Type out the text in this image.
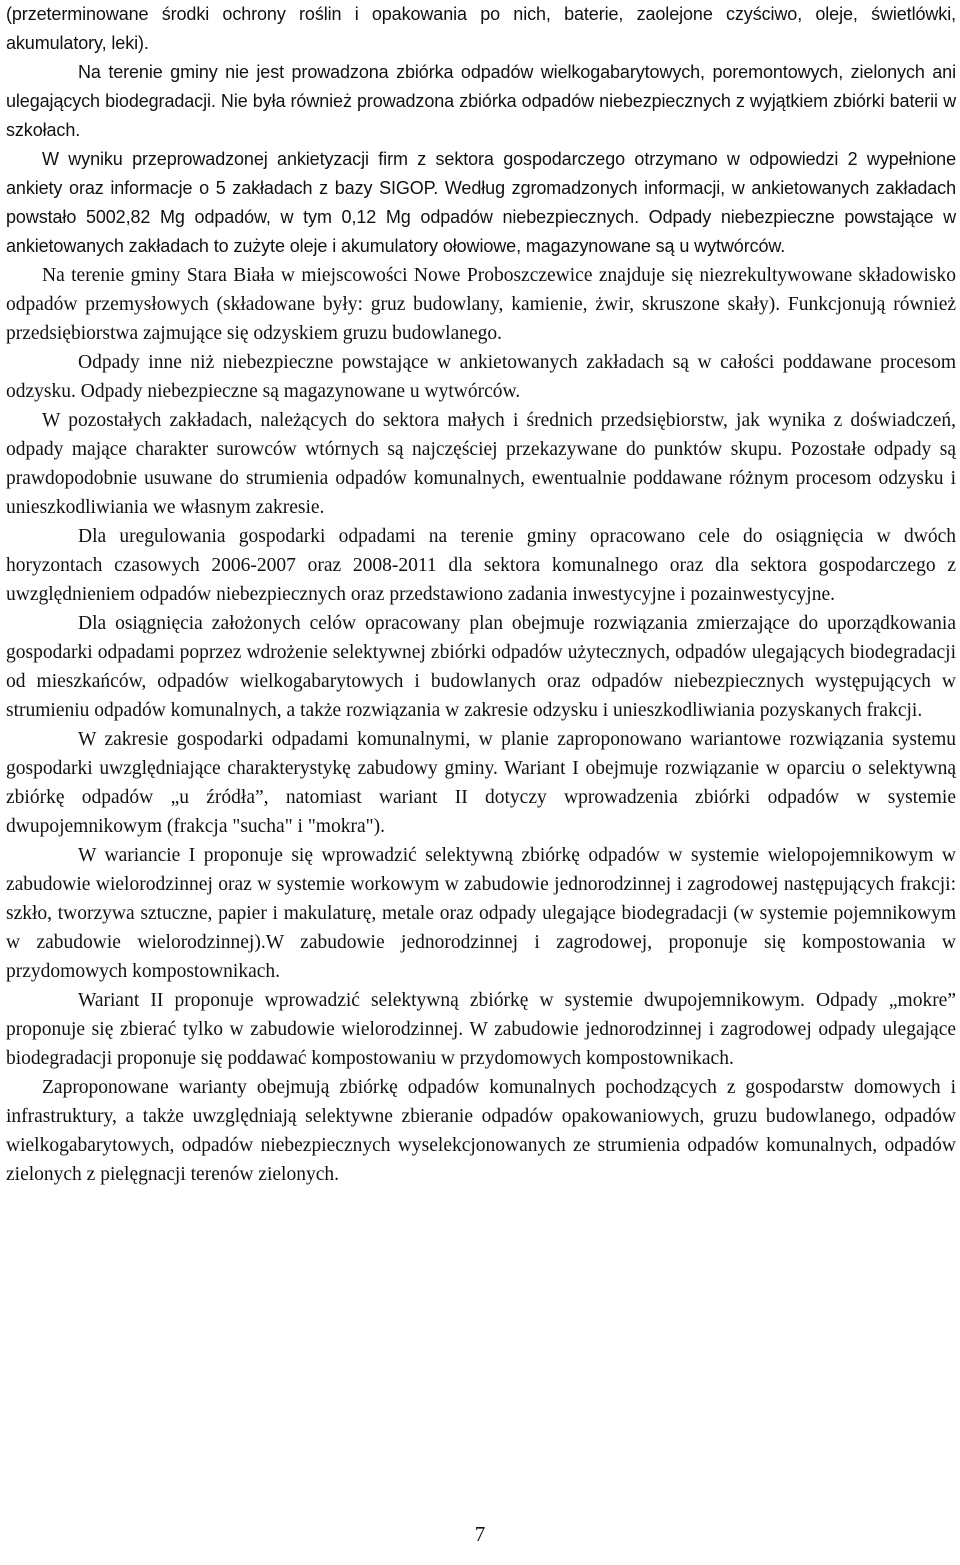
(przeterminowane środki ochrony roślin i opakowania po nich, baterie, zaolejone czyściwo, oleje, świetlówki, akumulatory, leki).

Na terenie gminy nie jest prowadzona zbiórka odpadów wielkogabarytowych, poremontowych, zielonych ani ulegających biodegradacji. Nie była również prowadzona zbiórka odpadów niebezpiecznych z wyjątkiem zbiórki baterii w szkołach.

W wyniku przeprowadzonej ankietyzacji firm z sektora gospodarczego otrzymano w odpowiedzi 2 wypełnione ankiety oraz informacje o 5 zakładach z bazy SIGOP. Według zgromadzonych informacji, w ankietowanych zakładach powstało 5002,82 Mg odpadów, w tym 0,12 Mg odpadów niebezpiecznych. Odpady niebezpieczne powstające w ankietowanych zakładach to zużyte oleje i akumulatory ołowiowe, magazynowane są u wytwórców.

Na terenie gminy Stara Biała w miejscowości Nowe Proboszczewice znajduje się niezrekultywowane składowisko odpadów przemysłowych (składowane były: gruz budowlany, kamienie, żwir, skruszone skały). Funkcjonują również przedsiębiorstwa zajmujące się odzyskiem gruzu budowlanego.

Odpady inne niż niebezpieczne powstające w ankietowanych zakładach są w całości poddawane procesom odzysku. Odpady niebezpieczne są magazynowane u wytwórców.

W pozostałych zakładach, należących do sektora małych i średnich przedsiębiorstw, jak wynika z doświadczeń, odpady mające charakter surowców wtórnych są najczęściej przekazywane do punktów skupu. Pozostałe odpady są prawdopodobnie usuwane do strumienia odpadów komunalnych, ewentualnie poddawane różnym procesom odzysku i unieszkodliwiania we własnym zakresie.

Dla uregulowania gospodarki odpadami na terenie gminy opracowano cele do osiągnięcia w dwóch horyzontach czasowych 2006-2007 oraz 2008-2011 dla sektora komunalnego oraz dla sektora gospodarczego z uwzględnieniem odpadów niebezpiecznych oraz przedstawiono zadania inwestycyjne i pozainwestycyjne.

Dla osiągnięcia założonych celów opracowany plan obejmuje rozwiązania zmierzające do uporządkowania gospodarki odpadami poprzez wdrożenie selektywnej zbiórki odpadów użytecznych, odpadów ulegających biodegradacji od mieszkańców, odpadów wielkogabarytowych i budowlanych oraz odpadów niebezpiecznych występujących w strumieniu odpadów komunalnych, a także rozwiązania w zakresie odzysku i unieszkodliwiania pozyskanych frakcji.

W zakresie gospodarki odpadami komunalnymi, w planie zaproponowano wariantowe rozwiązania systemu gospodarki uwzględniające charakterystykę zabudowy gminy. Wariant I obejmuje rozwiązanie w oparciu o selektywną zbiórkę odpadów „u źródła”, natomiast wariant II dotyczy wprowadzenia zbiórki odpadów w systemie dwupojemnikowym (frakcja "sucha" i "mokra").

W wariancie I proponuje się wprowadzić selektywną zbiórkę odpadów w systemie wielopojemnikowym w zabudowie wielorodzinnej oraz w systemie workowym w zabudowie jednorodzinnej i zagrodowej następujących frakcji: szkło, tworzywa sztuczne, papier i makulaturę, metale oraz odpady ulegające biodegradacji (w systemie pojemnikowym w zabudowie wielorodzinnej).W zabudowie jednorodzinnej i zagrodowej, proponuje się kompostowania w przydomowych kompostownikach.

Wariant II proponuje wprowadzić selektywną zbiórkę w systemie dwupojemnikowym. Odpady „mokre” proponuje się zbierać tylko w zabudowie wielorodzinnej. W zabudowie jednorodzinnej i zagrodowej odpady ulegające biodegradacji proponuje się poddawać kompostowaniu w przydomowych kompostownikach.

Zaproponowane warianty obejmują zbiórkę odpadów komunalnych pochodzących z gospodarstw domowych i infrastruktury, a także uwzględniają selektywne zbieranie odpadów opakowaniowych, gruzu budowlanego, odpadów wielkogabarytowych, odpadów niebezpiecznych wyselekcjonowanych ze strumienia odpadów komunalnych, odpadów zielonych z pielęgnacji terenów zielonych.

7
